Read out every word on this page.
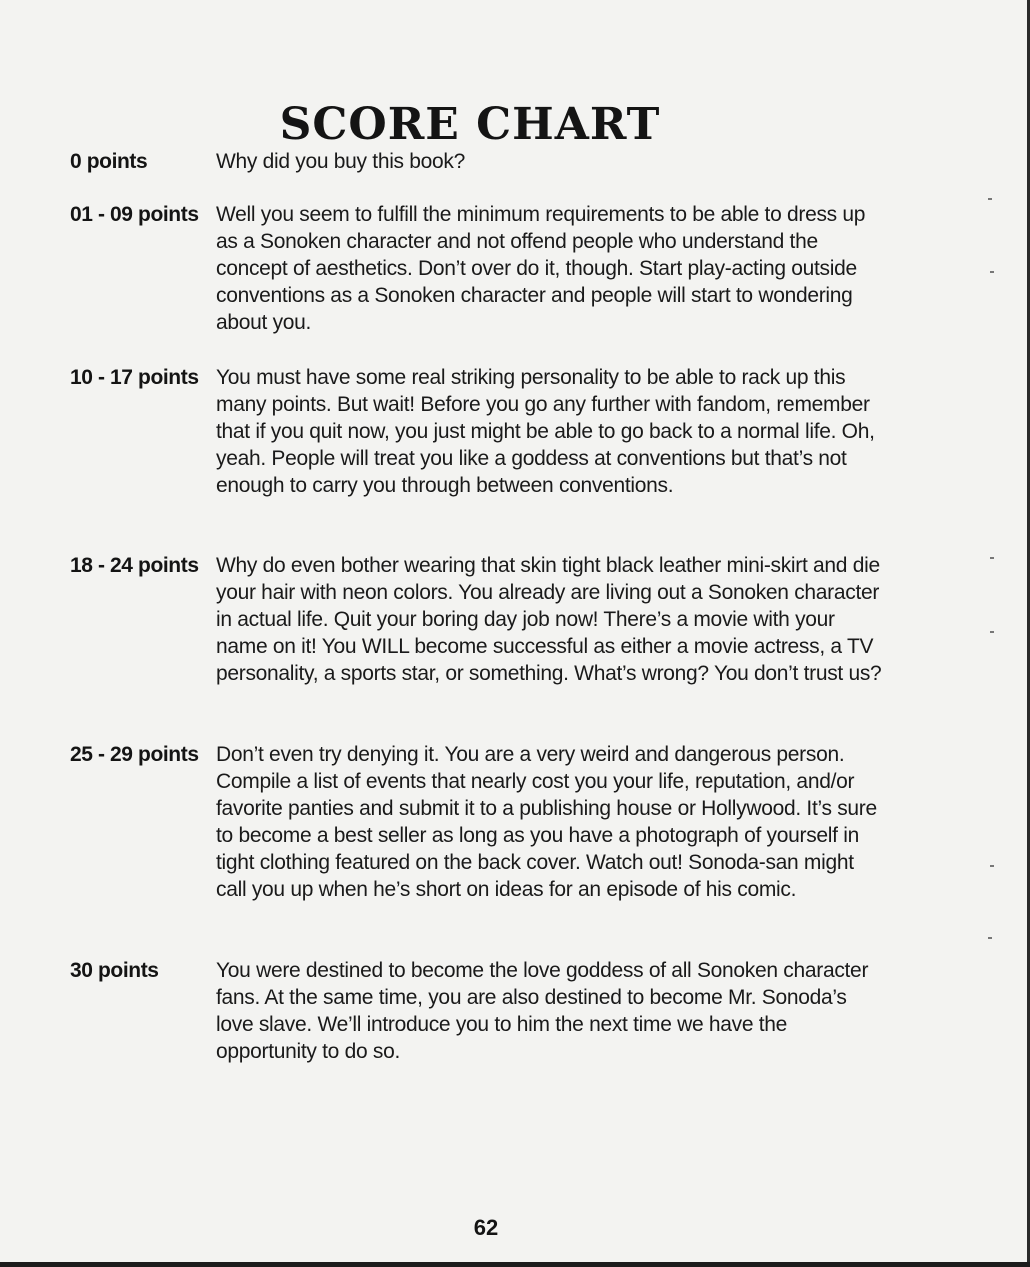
SCORE CHART
0 points	Why did you buy this book?
01 - 09 points Well you seem to fulfill the minimum requirements to be able to dress up as a Sonoken character and not offend people who understand the concept of aesthetics. Don’t over do it, though. Start play-acting outside conventions as a Sonoken character and people will start to wondering about you.
10 - 17 points You must have some real striking personality to be able to rack up this many points. But wait! Before you go any further with fandom, remember that if you quit now, you just might be able to go back to a normal life. Oh, yeah. People will treat you like a goddess at conventions but that’s not enough to carry you through between conventions.
18 - 24 points Why do even bother wearing that skin tight black leather mini-skirt and die your hair with neon colors. You already are living out a Sonoken character in actual life. Quit your boring day job now! There’s a movie with your name on it! You WILL become successful as either a movie actress, a TV personality, a sports star, or something. What’s wrong? You don’t trust us?
25 - 29 points Don’t even try denying it. You are a very weird and dangerous person. Compile a list of events that nearly cost you your life, reputation, and/or favorite panties and submit it to a publishing house or Hollywood. It’s sure to become a best seller as long as you have a photograph of yourself in tight clothing featured on the back cover. Watch out! Sonoda-san might call you up when he’s short on ideas for an episode of his comic.
30 points	You were destined to become the love goddess of all Sonoken character fans. At the same time, you are also destined to become Mr. Sonoda’s love slave. We’ll introduce you to him the next time we have the opportunity to do so.
62
